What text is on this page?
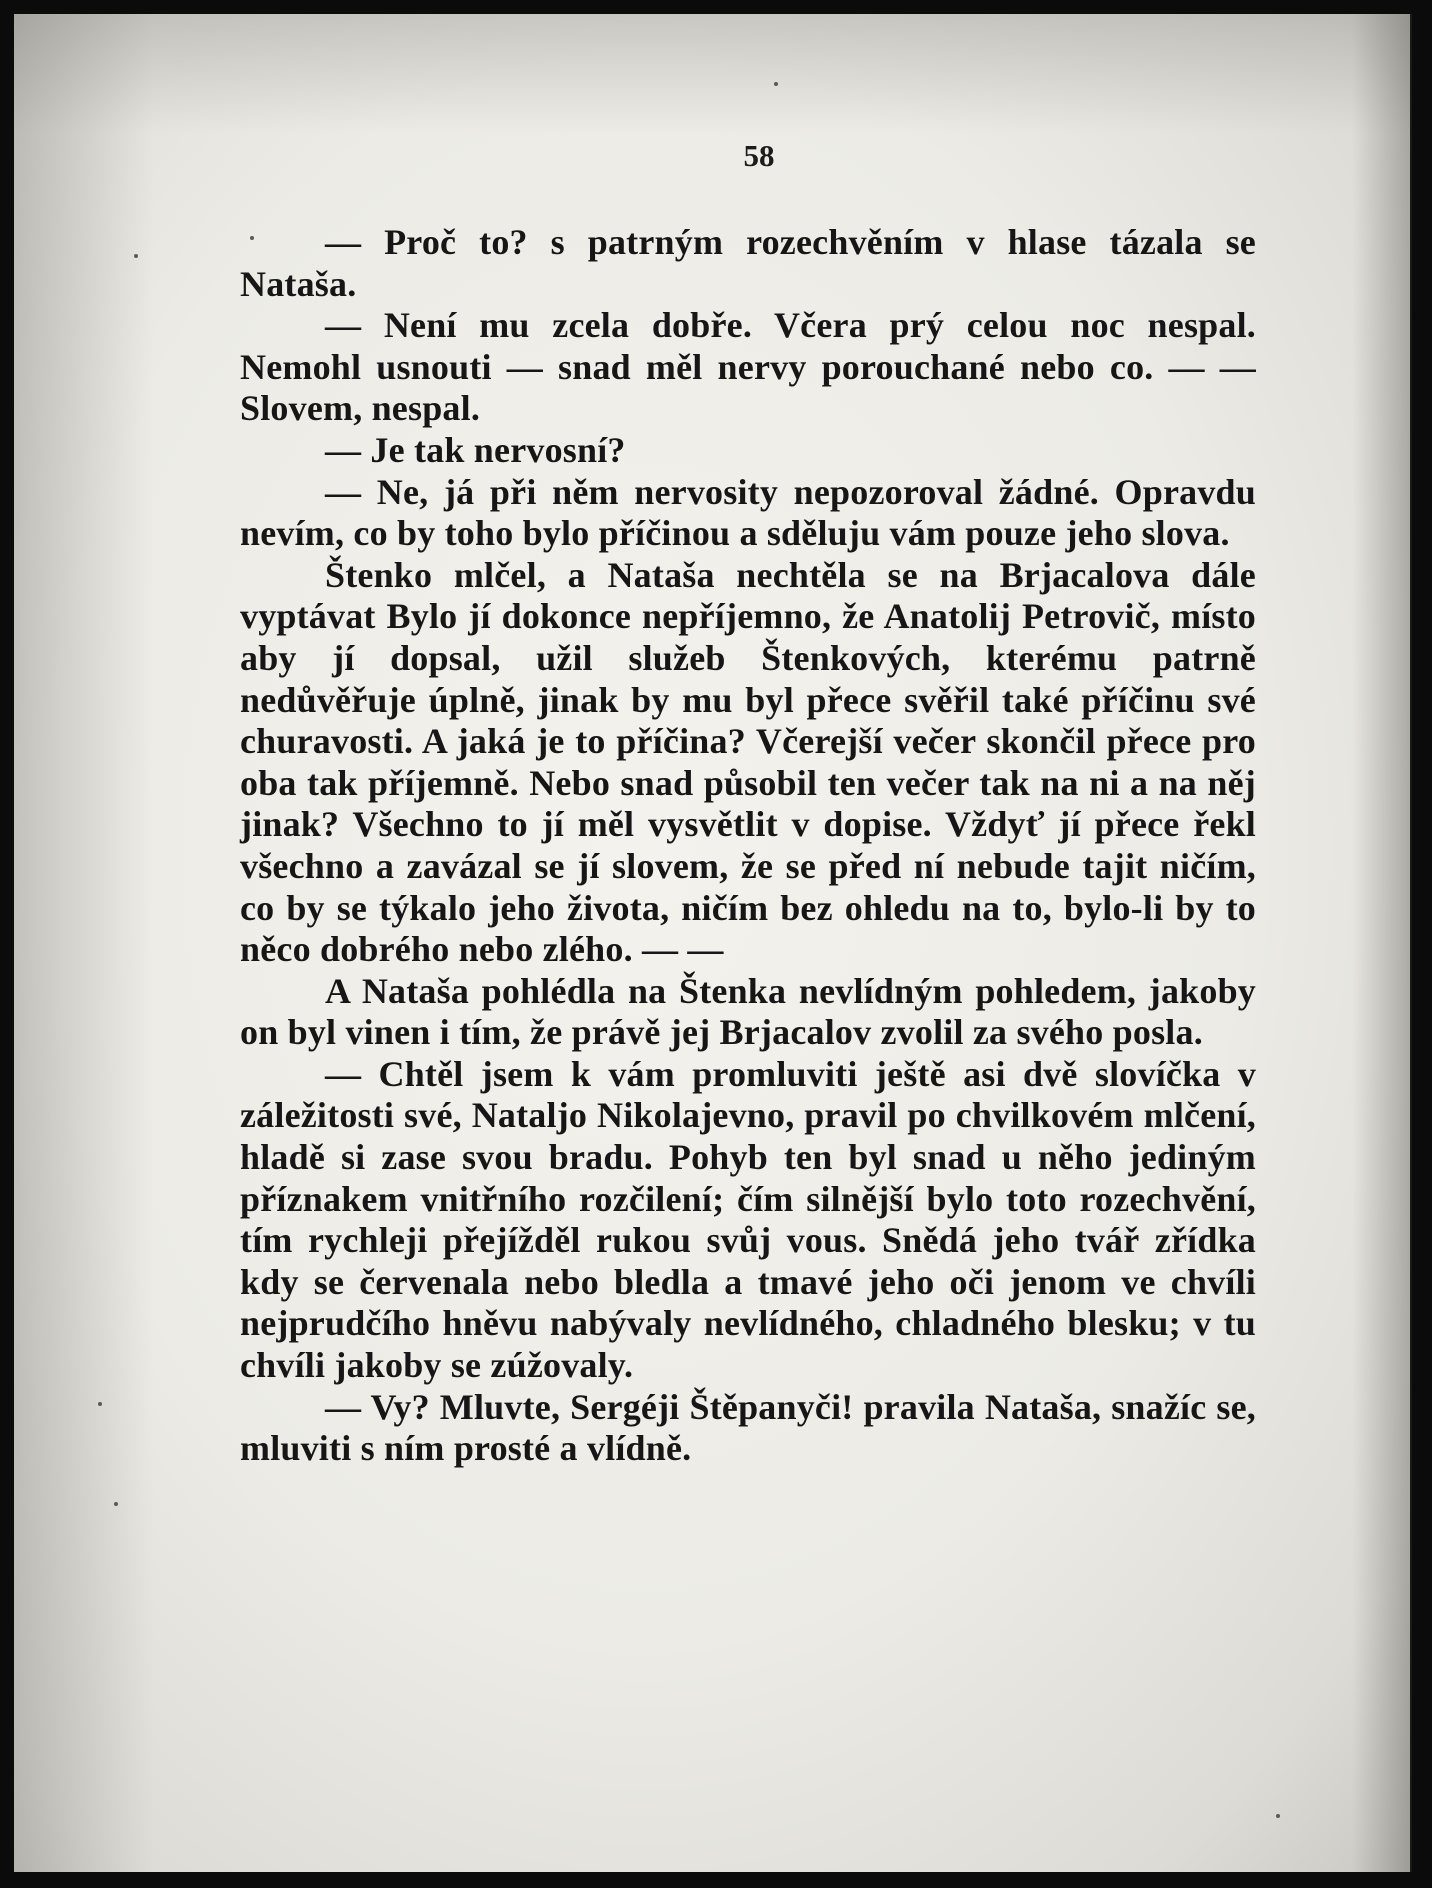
58

— Proč to? s patrným rozechvěním v hlase tázala se Nataša.

— Není mu zcela dobře. Včera prý celou noc nespal. Nemohl usnouti — snad měl nervy porouchané nebo co. — — Slovem, nespal.

— Je tak nervosní?

— Ne, já při něm nervosity nepozoroval žádné. Opravdu nevím, co by toho bylo příčinou a sděluju vám pouze jeho slova.

Štenko mlčel, a Nataša nechtěla se na Brjacalova dále vyptávat Bylo jí dokonce nepříjemno, že Anatolij Petrovič, místo aby jí dopsal, užil služeb Štenkových, kterému patrně nedůvěřuje úplně, jinak by mu byl přece svěřil také příčinu své churavosti. A jaká je to příčina? Včerejší večer skončil přece pro oba tak příjemně. Nebo snad působil ten večer tak na ni a na něj jinak? Všechno to jí měl vysvětlit v dopise. Vždyť jí přece řekl všechno a zavázal se jí slovem, že se před ní nebude tajit ničím, co by se týkalo jeho života, ničím bez ohledu na to, bylo-li by to něco dobrého nebo zlého. — —

A Nataša pohlédla na Štenka nevlídným pohledem, jakoby on byl vinen i tím, že právě jej Brjacalov zvolil za svého posla.

— Chtěl jsem k vám promluviti ještě asi dvě slovíčka v záležitosti své, Nataljo Nikolajevno, pravil po chvilkovém mlčení, hladě si zase svou bradu. Pohyb ten byl snad u něho jediným příznakem vnitřního rozčilení; čím silnější bylo toto rozechvění, tím rychleji přejížděl rukou svůj vous. Snědá jeho tvář zřídka kdy se červenala nebo bledla a tmavé jeho oči jenom ve chvíli nejprudčího hněvu nabývaly nevlídného, chladného blesku; v tu chvíli jakoby se zúžovaly.

— Vy? Mluvte, Sergéji Štěpanyči! pravila Nataša, snažíc se, mluviti s ním prosté a vlídně.
